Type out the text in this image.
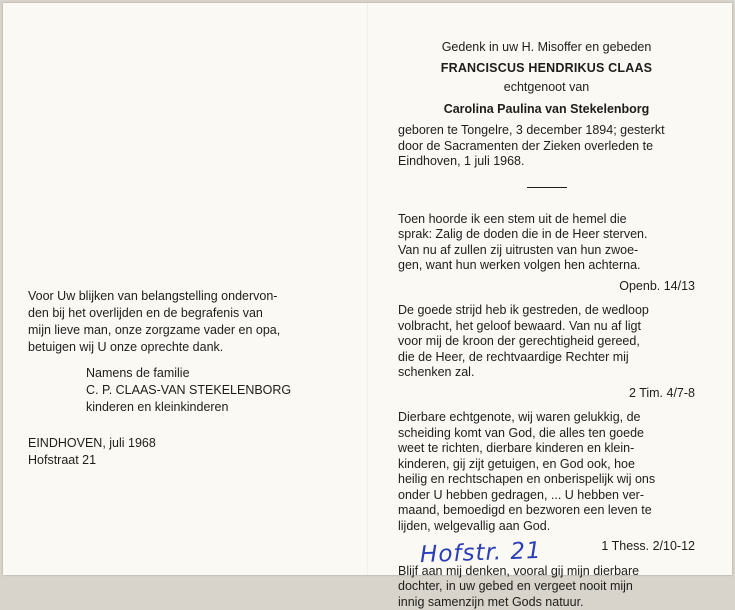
Voor Uw blijken van belangstelling ondervon-
den bij het overlijden en de begrafenis van
mijn lieve man, onze zorgzame vader en opa,
betuigen wij U onze oprechte dank.
Namens de familie
C. P. CLAAS-VAN STEKELENBORG
kinderen en kleinkinderen
EINDHOVEN, juli 1968
Hofstraat 21
Gedenk in uw H. Misoffer en gebeden
FRANCISCUS HENDRIKUS CLAAS
echtgenoot van
Carolina Paulina van Stekelenborg
geboren te Tongelre, 3 december 1894; gesterkt
door de Sacramenten der Zieken overleden te
Eindhoven, 1 juli 1968.
Toen hoorde ik een stem uit de hemel die
sprak: Zalig de doden die in de Heer sterven.
Van nu af zullen zij uitrusten van hun zwoe-
gen, want hun werken volgen hen achterna.
Openb. 14/13
De goede strijd heb ik gestreden, de wedloop
volbracht, het geloof bewaard. Van nu af ligt
voor mij de kroon der gerechtigheid gereed,
die de Heer, de rechtvaardige Rechter mij
schenken zal.
2 Tim. 4/7-8
Dierbare echtgenote, wij waren gelukkig, de
scheiding komt van God, die alles ten goede
weet te richten, dierbare kinderen en klein-
kinderen, gij zijt getuigen, en God ook, hoe
heilig en rechtschapen en onberispelijk wij ons
onder U hebben gedragen, ... U hebben ver-
maand, bemoedigd en bezworen een leven te
lijden, welgevallig aan God.
1 Thess. 2/10-12
Blijf aan mij denken, vooral gij mijn dierbare
dochter, in uw gebed en vergeet nooit mijn
innig samenzijn met Gods natuur.
Hofstr. 21
